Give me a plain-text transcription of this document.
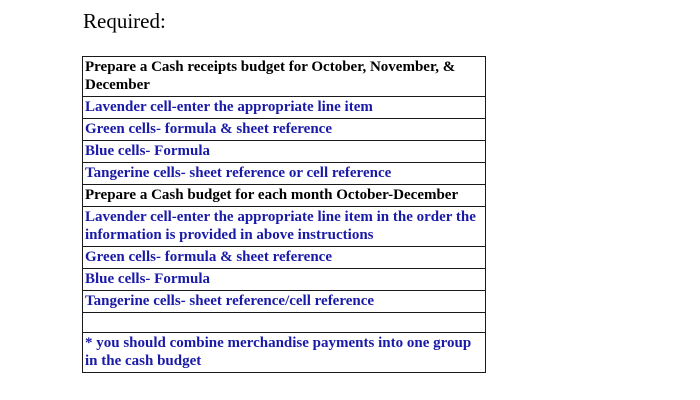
Required:
Prepare a Cash receipts budget for October, November, & December
Lavender cell-enter the appropriate line item
Green cells- formula & sheet reference
Blue cells- Formula
Tangerine cells- sheet reference or cell reference
Prepare a Cash budget for each month October-December
Lavender cell-enter the appropriate line item in the order the information is provided in above instructions
Green cells- formula & sheet reference
Blue cells- Formula
Tangerine cells- sheet reference/cell reference

* you should combine merchandise payments into one group in the cash budget
